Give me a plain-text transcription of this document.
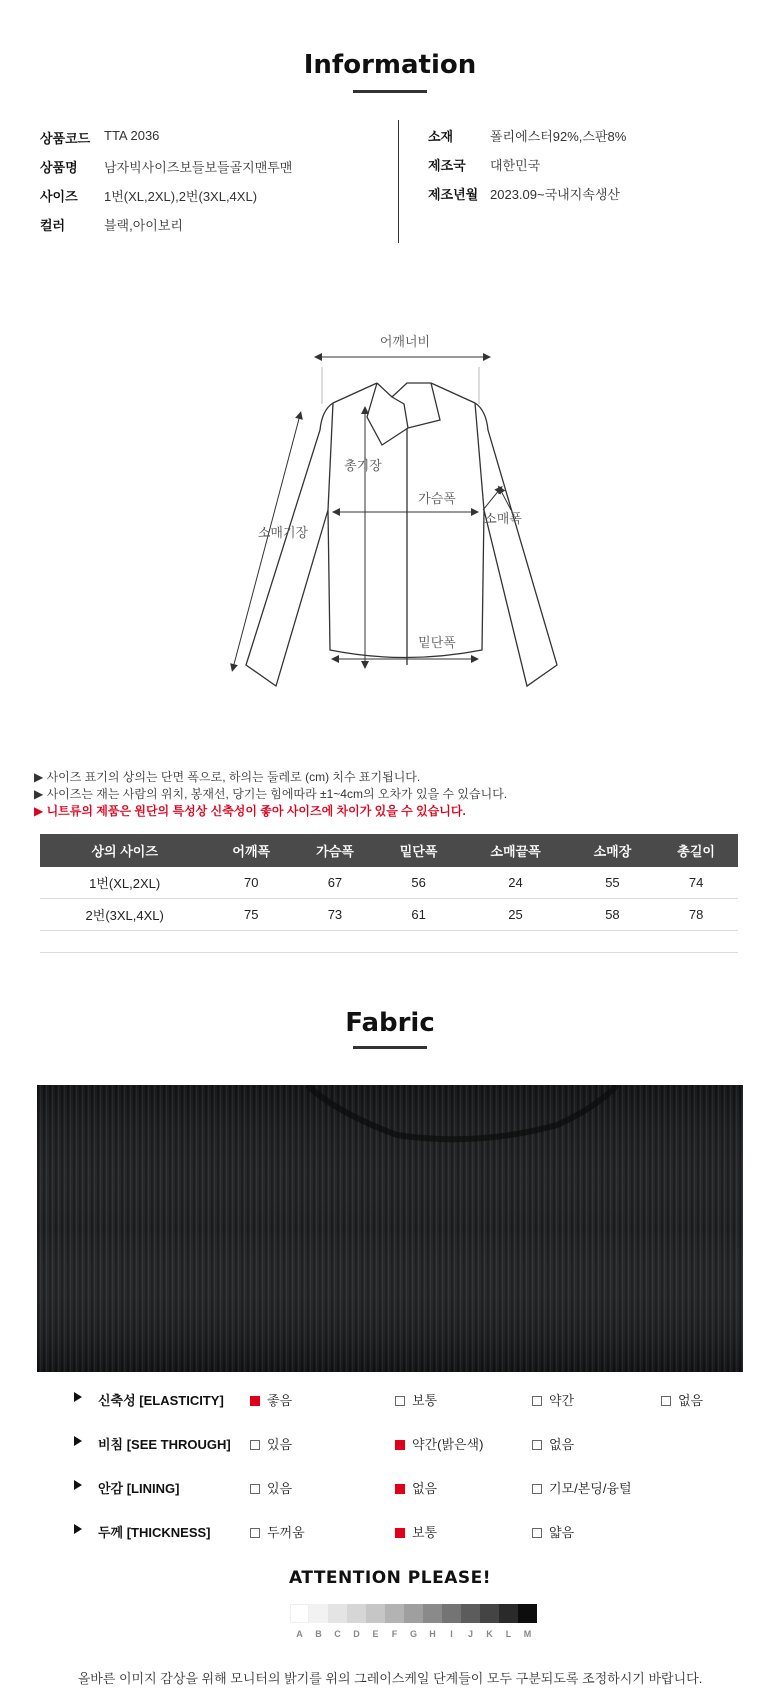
Information
상품코드 TTA 2036
상품명 남자빅사이즈보들보들골지맨투맨
사이즈 1번(XL,2XL),2번(3XL,4XL)
컬러	블랙,아이보리
소재	폴리에스터92%,스판8%
제조국 대한민국
제조년월 2023.09~국내지속생산
어깨너비
총기장
가슴폭
소매폭
소매기장
밑단폭
▶ 사이즈 표기의 상의는 단면 폭으로, 하의는 둘레로 (cm) 치수 표기됩니다.
▶ 사이즈는 재는 사람의 위치, 봉재선, 당기는 힘에따라 ±1~4cm의 오차가 있을 수 있습니다.
▶ 니트류의 제품은 원단의 특성상 신축성이 좋아 사이즈에 차이가 있을 수 있습니다.
상의 사이즈	어깨폭	가슴폭	밑단폭	소매끝폭	소매장	총길이
1번(XL,2XL)	70	67	56	24	55	74
2번(3XL,4XL)	75	73	61	25	58	78
Fabric
신축성 [ELASTICITY]	좋음	보통	약간	없음
비침 [SEE THROUGH]	있음	약간(밝은색)	없음
안감 [LINING]	있음	없음	기모/본딩/융털
두께 [THICKNESS]	두꺼움	보통	얇음
ATTENTION PLEASE!
A	B	C	D	E	F	G	H	I	J	K	L	M
올바른 이미지 감상을 위해 모니터의 밝기를 위의 그레이스케일 단계들이 모두 구분되도록 조정하시기 바랍니다.
